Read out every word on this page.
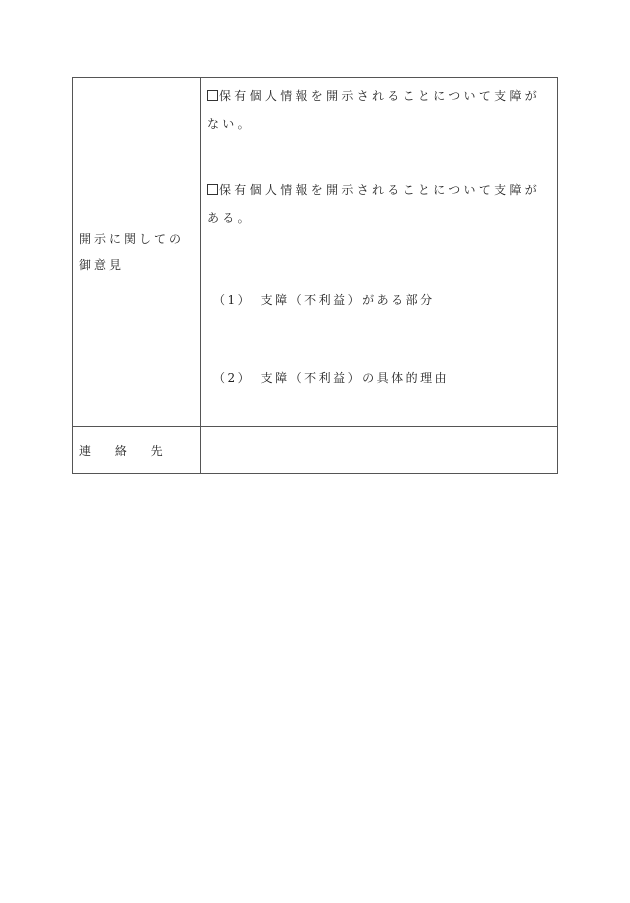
開示に関しての御意見	保有個人情報を開示されることについて支障がない。
保有個人情報を開示されることについて支障がある。
（1）　支障（不利益）がある部分
（2）　支障（不利益）の具体的理由

連 絡 先	
